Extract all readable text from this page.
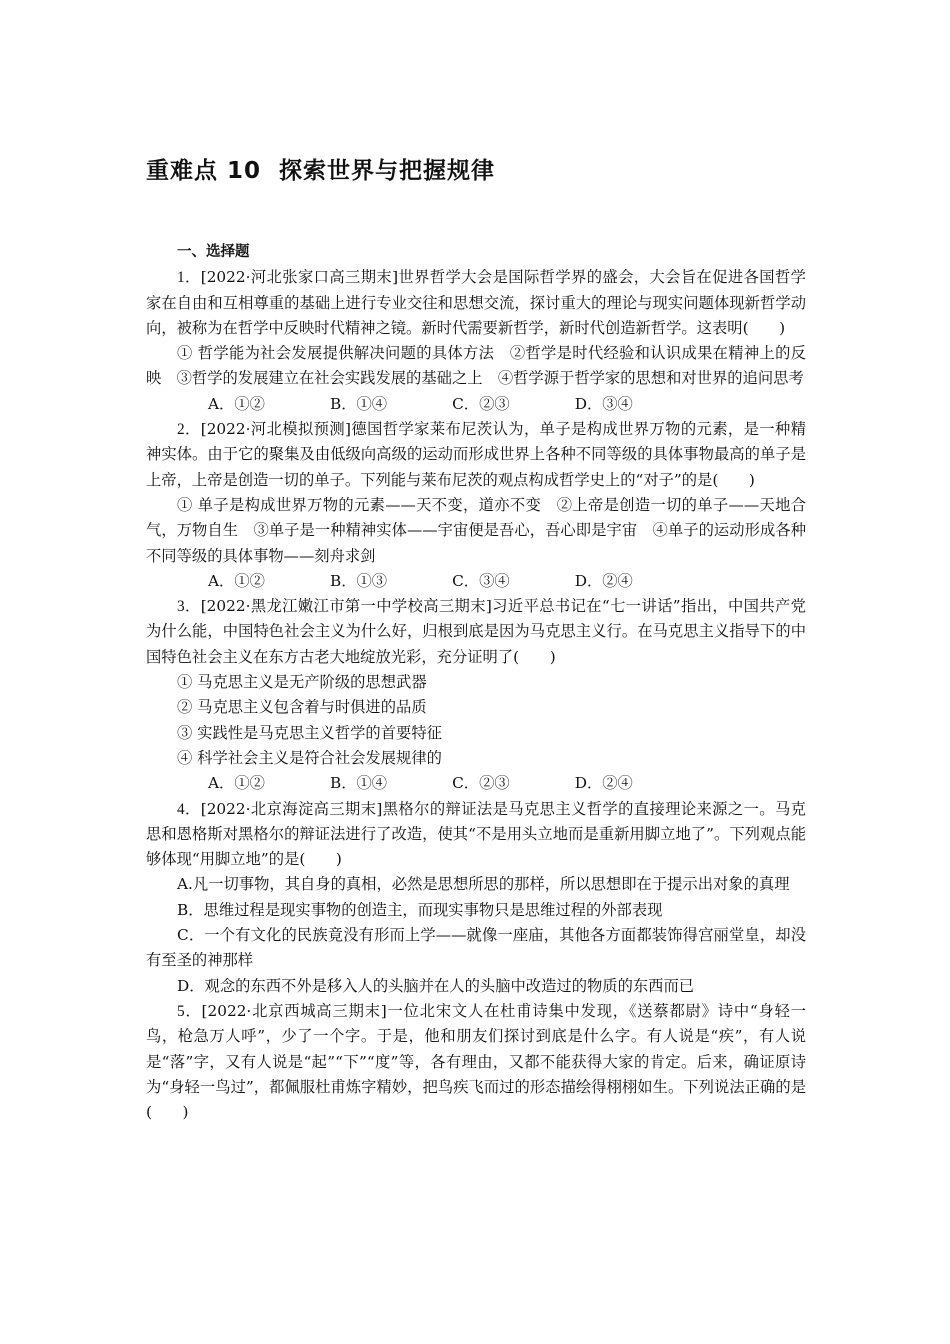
重难点 10 探索世界与把握规律

一、选择题

1．[2022·河北张家口高三期末]世界哲学大会是国际哲学界的盛会，大会旨在促进各国哲学家在自由和互相尊重的基础上进行专业交往和思想交流，探讨重大的理论与现实问题体现新哲学动向，被称为在哲学中反映时代精神之镜。新时代需要新哲学，新时代创造新哲学。这表明(　　)

① 哲学能为社会发展提供解决问题的具体方法　②哲学是时代经验和认识成果在精神上的反映　③哲学的发展建立在社会实践发展的基础之上　④哲学源于哲学家的思想和对世界的追问思考

A．①②	B．①④	C．②③	D．③④

2．[2022·河北模拟预测]德国哲学家莱布尼茨认为，单子是构成世界万物的元素，是一种精神实体。由于它的聚集及由低级向高级的运动而形成世界上各种不同等级的具体事物最高的单子是上帝，上帝是创造一切的单子。下列能与莱布尼茨的观点构成哲学史上的“对子”的是(　　)

① 单子是构成世界万物的元素——天不变，道亦不变　②上帝是创造一切的单子——天地合气，万物自生　③单子是一种精神实体——宇宙便是吾心，吾心即是宇宙　④单子的运动形成各种不同等级的具体事物——刻舟求剑

A．①②	B．①③	C．③④	D．②④

3．[2022·黑龙江嫩江市第一中学校高三期末]习近平总书记在“七一讲话”指出，中国共产党为什么能，中国特色社会主义为什么好，归根到底是因为马克思主义行。在马克思主义指导下的中国特色社会主义在东方古老大地绽放光彩，充分证明了(　　)

① 马克思主义是无产阶级的思想武器

② 马克思主义包含着与时俱进的品质

③ 实践性是马克思主义哲学的首要特征

④ 科学社会主义是符合社会发展规律的

A．①②	B．①④	C．②③	D．②④

4．[2022·北京海淀高三期末]黑格尔的辩证法是马克思主义哲学的直接理论来源之一。马克思和恩格斯对黑格尔的辩证法进行了改造，使其“不是用头立地而是重新用脚立地了”。下列观点能够体现“用脚立地”的是(　　)

A.凡一切事物，其自身的真相，必然是思想所思的那样，所以思想即在于提示出对象的真理

B．思维过程是现实事物的创造主，而现实事物只是思维过程的外部表现

C．一个有文化的民族竟没有形而上学——就像一座庙，其他各方面都装饰得宫丽堂皇，却没有至圣的神那样

D．观念的东西不外是移入人的头脑并在人的头脑中改造过的物质的东西而已

5．[2022·北京西城高三期末]一位北宋文人在杜甫诗集中发现，《送蔡都尉》诗中“身轻一鸟，枪急万人呼”，少了一个字。于是，他和朋友们探讨到底是什么字。有人说是“疾”，有人说是“落”字，又有人说是“起”“下”“度”等，各有理由，又都不能获得大家的肯定。后来，确证原诗为“身轻一鸟过”，都佩服杜甫炼字精妙，把鸟疾飞而过的形态描绘得栩栩如生。下列说法正确的是(　　)
